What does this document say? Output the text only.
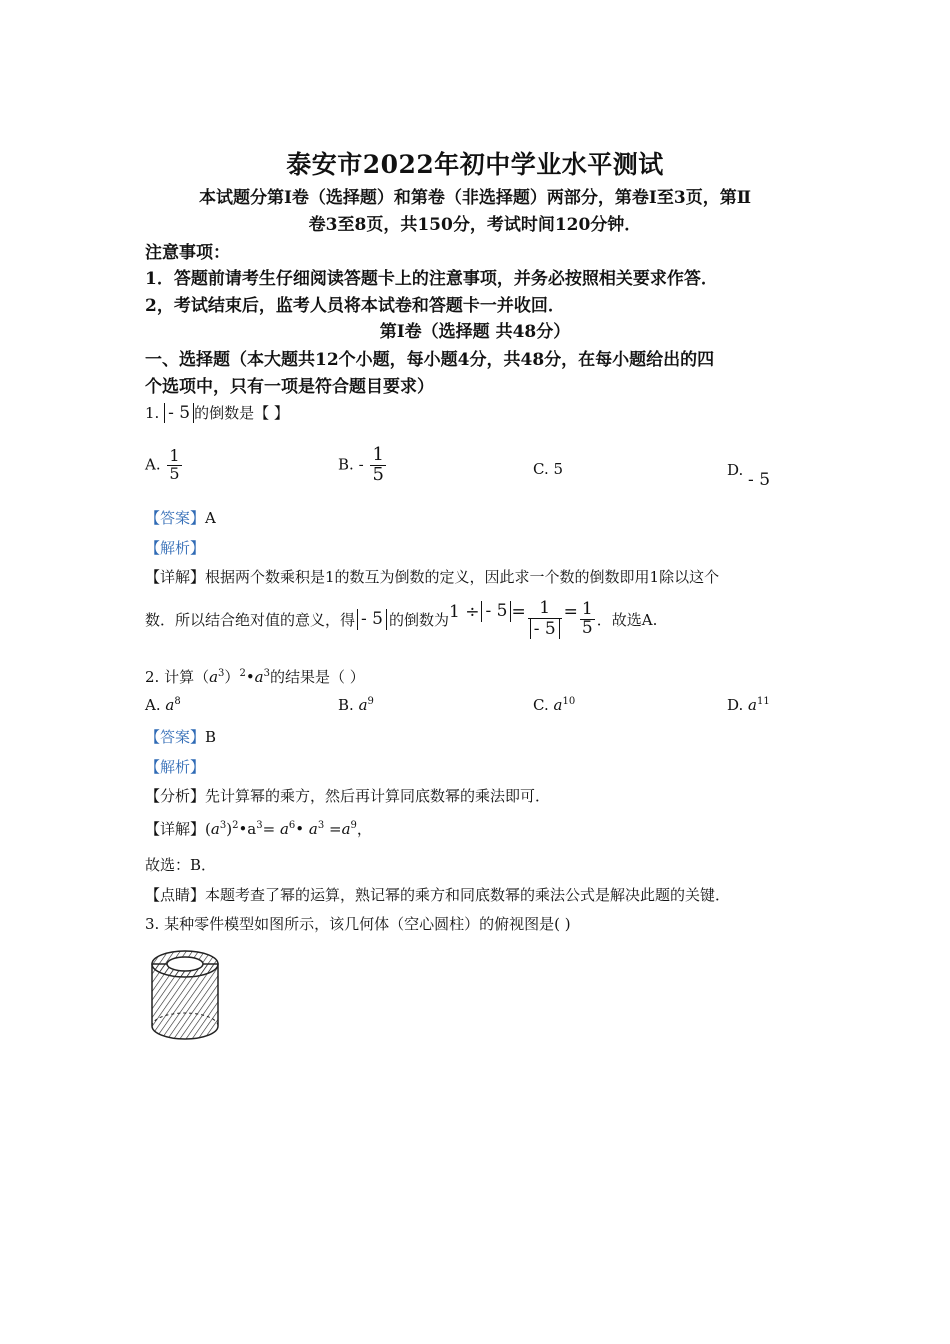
泰安市2022年初中学业水平测试
本试题分第Ⅰ卷（选择题）和第卷（非选择题）两部分，第卷Ⅰ至3页，第Ⅱ
卷3至8页，共150分，考试时间120分钟．
注意事项：
1．答题前请考生仔细阅读答题卡上的注意事项，并务必按照相关要求作答．
2，考试结束后，监考人员将本试卷和答题卡一并收回．
第Ⅰ卷（选择题 共48分）
一、选择题（本大题共12个小题，每小题4分，共48分，在每小题给出的四
个选项中，只有一项是符合题目要求）
1. - 5 的倒数是【 】
A. $\frac{1}{5}$	B. - $\frac{1}{5}$	C. 5	D. - 5
【答案】A
【解析】
【详解】根据两个数乘积是1的数互为倒数的定义，因此求一个数的倒数即用1除以这个
数．所以结合绝对值的意义，得 - 5 的倒数为 1 ÷ - $5 = \frac{1}{- 5} = \frac{1}{5}$ ．故选A.
2. 计算$(a^3)^2•a^3$的结果是（ ）
A. $a^8$	B. $a^9$	C. $a^{10}$	D. $a^{11}$
【答案】B
【解析】
【分析】先计算幂的乘方，然后再计算同底数幂的乘法即可．
【详解】$(a^3)^2•a^3=$ $a^6•$ $a^3 =a^9$，
故选：B．
【点睛】本题考查了幂的运算，熟记幂的乘方和同底数幂的乘法公式是解决此题的关键．
3. 某种零件模型如图所示，该几何体（空心圆柱）的俯视图是( )
